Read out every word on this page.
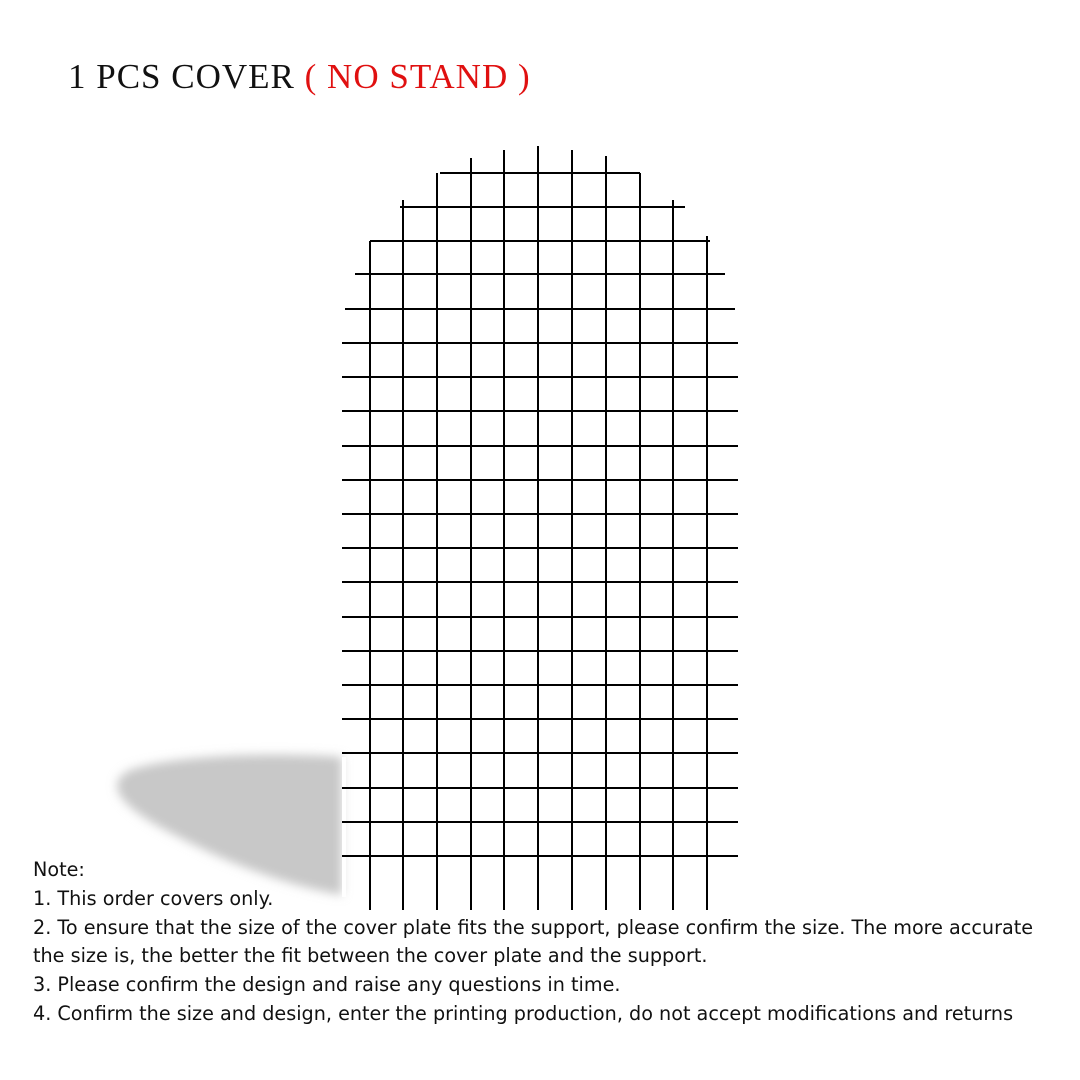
1 PCS COVER ( NO STAND )

Note:

1. This order covers only.

2. To ensure that the size of the cover plate fits the support, please confirm the size. The more accurate the size is, the better the fit between the cover plate and the support.

3. Please confirm the design and raise any questions in time.

4. Confirm the size and design, enter the printing production, do not accept modifications and returns
